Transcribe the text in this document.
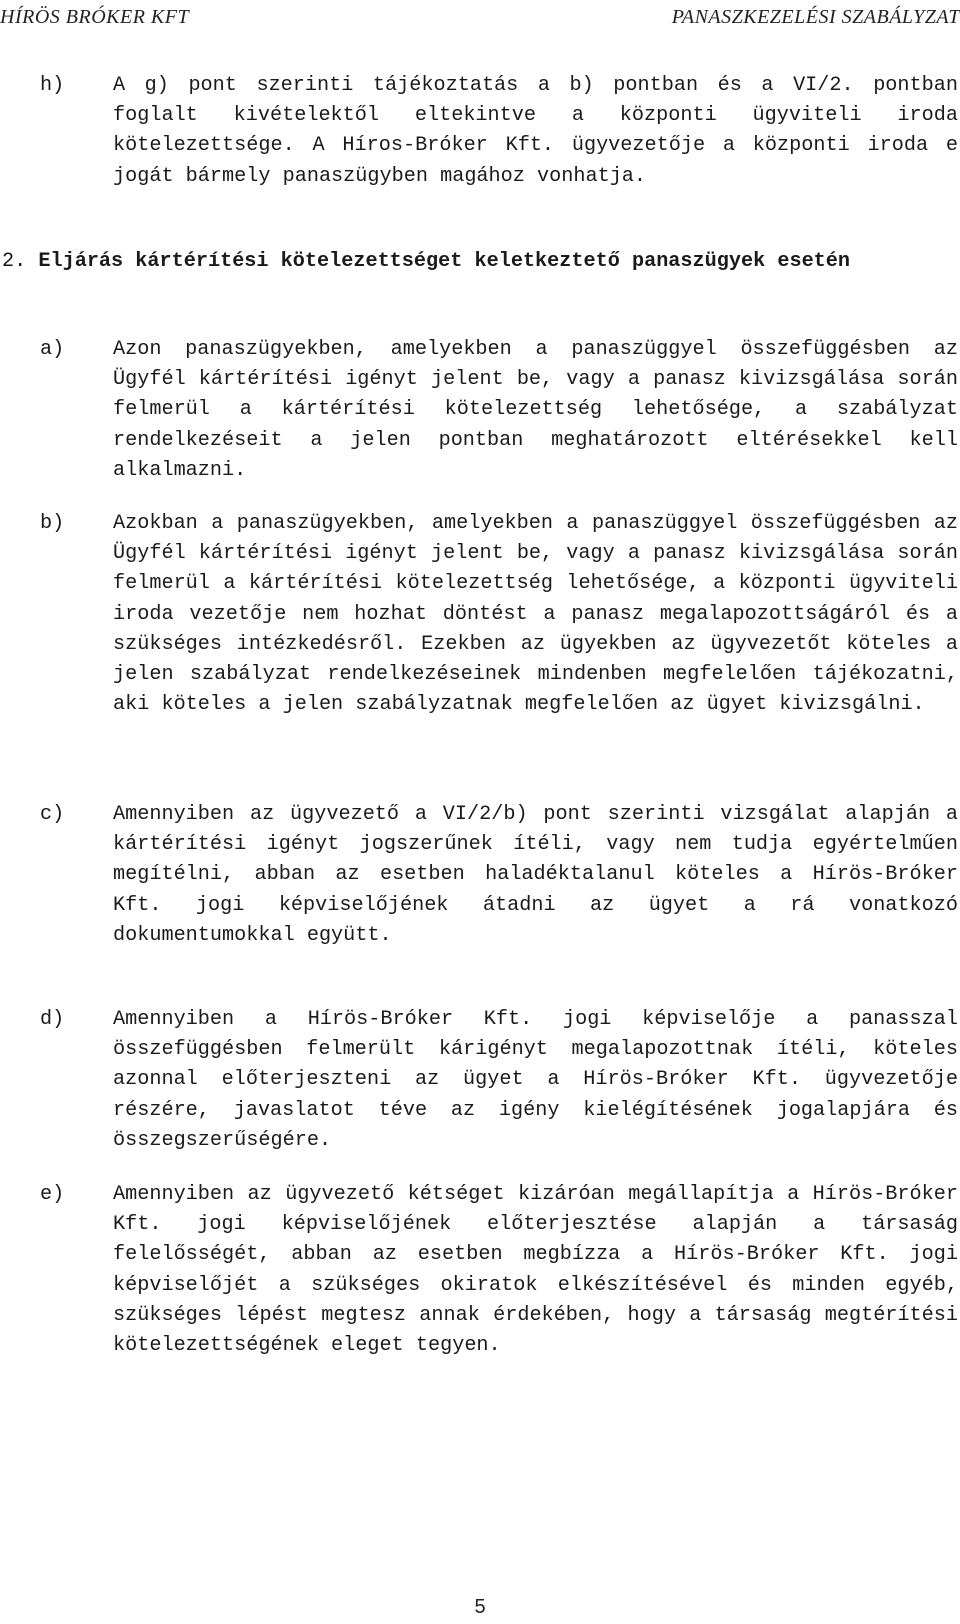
HÍRÖS BRÓKER KFT	PANASZKEZELÉSI SZABÁLYZAT
h) A g) pont szerinti tájékoztatás a b) pontban és a VI/2. pontban foglalt kivételektől eltekintve a központi ügyviteli iroda kötelezettsége. A Híros-Bróker Kft. ügyvezetője a központi iroda e jogát bármely panaszügyben magához vonhatja.
2. Eljárás kártérítési kötelezettséget keletkeztető panaszügyek esetén
a) Azon panaszügyekben, amelyekben a panaszüggyel összefüggésben az Ügyfél kártérítési igényt jelent be, vagy a panasz kivizsgálása során felmerül a kártérítési kötelezettség lehetősége, a szabályzat rendelkezéseit a jelen pontban meghatározott eltérésekkel kell alkalmazni.
b) Azokban a panaszügyekben, amelyekben a panaszüggyel összefüggésben az Ügyfél kártérítési igényt jelent be, vagy a panasz kivizsgálása során felmerül a kártérítési kötelezettség lehetősége, a központi ügyviteli iroda vezetője nem hozhat döntést a panasz megalapozottságáról és a szükséges intézkedésről. Ezekben az ügyekben az ügyvezetőt köteles a jelen szabályzat rendelkezéseinek mindenben megfelelően tájékozatni, aki köteles a jelen szabályzatnak megfelelően az ügyet kivizsgálni.
c) Amennyiben az ügyvezető a VI/2/b) pont szerinti vizsgálat alapján a kártérítési igényt jogszerűnek ítéli, vagy nem tudja egyértelműen megítélni, abban az esetben haladéktalanul köteles a Hírös-Bróker Kft. jogi képviselőjének átadni az ügyet a rá vonatkozó dokumentumokkal együtt.
d) Amennyiben a Hírös-Bróker Kft. jogi képviselője a panasszal összefüggésben felmerült kárigényt megalapozottnak ítéli, köteles azonnal előterjeszteni az ügyet a Hírös-Bróker Kft. ügyvezetője részére, javaslatot téve az igény kielégítésének jogalapjára és összegszerűségére.
e) Amennyiben az ügyvezető kétséget kizáróan megállapítja a Hírös-Bróker Kft. jogi képviselőjének előterjesztése alapján a társaság felelősségét, abban az esetben megbízza a Hírös-Bróker Kft. jogi képviselőjét a szükséges okiratok elkészítésével és minden egyéb, szükséges lépést megtesz annak érdekében, hogy a társaság megtérítési kötelezettségének eleget tegyen.
5
